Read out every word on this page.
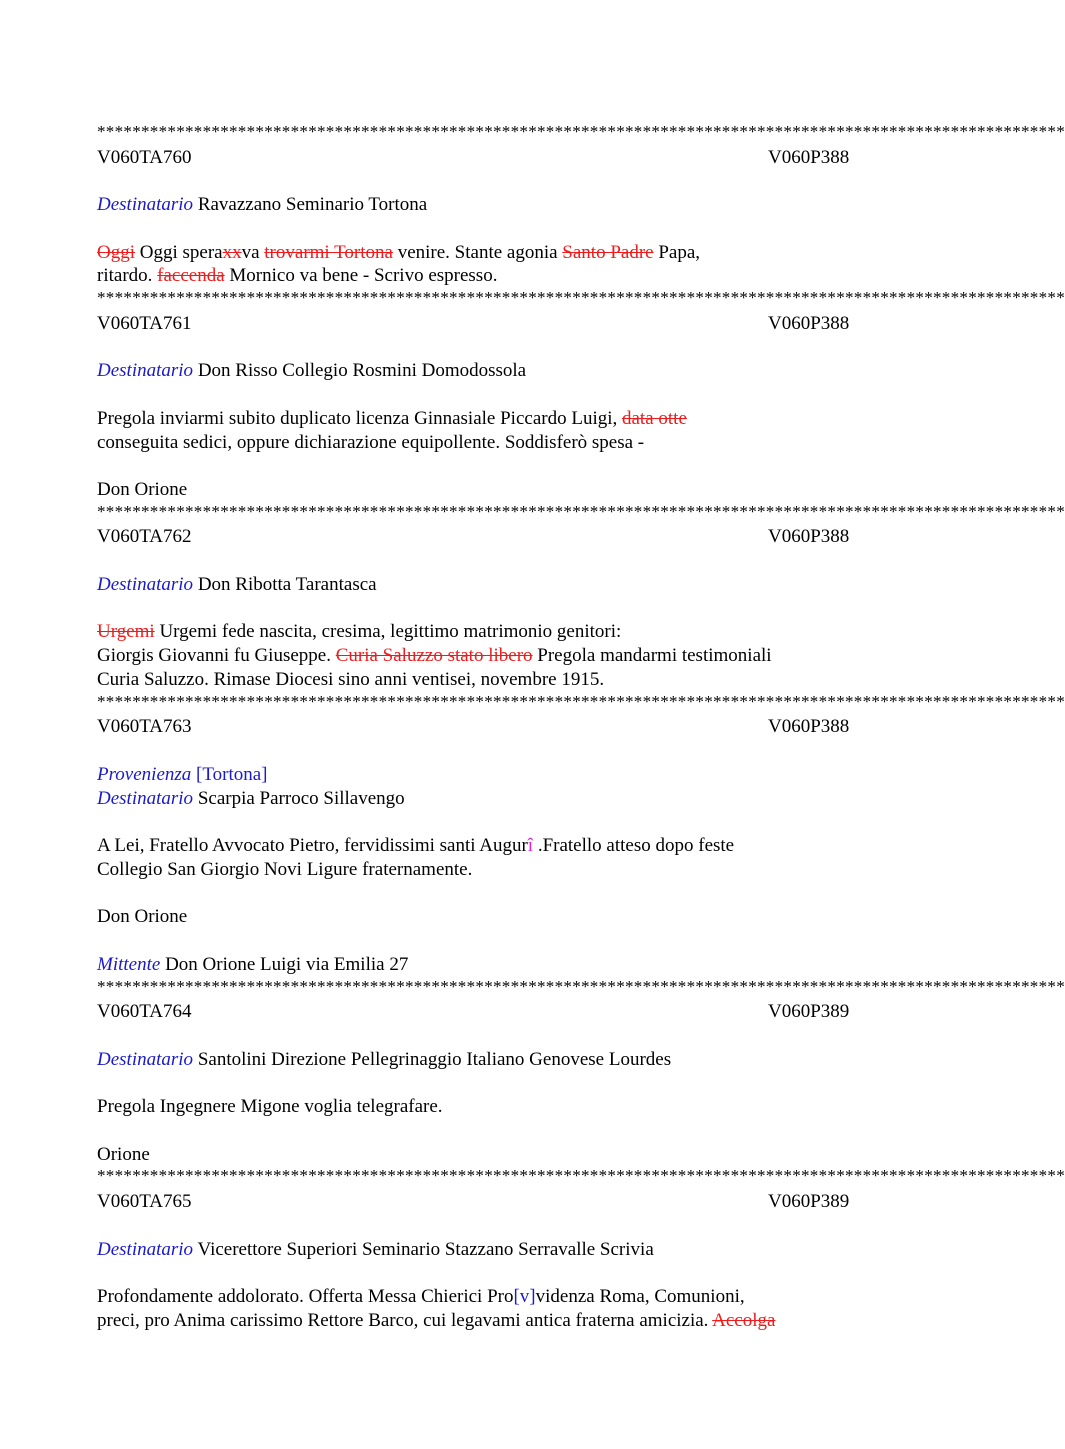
**************************************************************************************************************
V060TA760	V060P388
Destinatario Ravazzano Seminario Tortona
Oggi Oggi speraxxva trovarmi Tortona venire. Stante agonia Santo Padre Papa,
ritardo. faccenda Mornico va bene - Scrivo espresso.
**************************************************************************************************************
V060TA761	V060P388
Destinatario Don Risso Collegio Rosmini Domodossola
Pregola inviarmi subito duplicato licenza Ginnasiale Piccardo Luigi, data otte
conseguita sedici, oppure dichiarazione equipollente. Soddisferò spesa -
Don Orione
**************************************************************************************************************
V060TA762	V060P388
Destinatario Don Ribotta Tarantasca
Urgemi Urgemi fede nascita, cresima, legittimo matrimonio genitori:
Giorgis Giovanni fu Giuseppe. Curia Saluzzo stato libero Pregola mandarmi testimoniali
Curia Saluzzo. Rimase Diocesi sino anni ventisei, novembre 1915.
**************************************************************************************************************
V060TA763	V060P388
Provenienza [Tortona]
Destinatario Scarpia Parroco Sillavengo
A Lei, Fratello Avvocato Pietro, fervidissimi santi Augurî .Fratello atteso dopo feste
Collegio San Giorgio Novi Ligure fraternamente.
Don Orione
Mittente Don Orione Luigi via Emilia 27
**************************************************************************************************************
V060TA764	V060P389
Destinatario Santolini Direzione Pellegrinaggio Italiano Genovese Lourdes
Pregola Ingegnere Migone voglia telegrafare.
Orione
**************************************************************************************************************
V060TA765	V060P389
Destinatario Vicerettore Superiori Seminario Stazzano Serravalle Scrivia
Profondamente addolorato. Offerta Messa Chierici Pro[v]videnza Roma, Comunioni,
preci, pro Anima carissimo Rettore Barco, cui legavami antica fraterna amicizia. Accolga
